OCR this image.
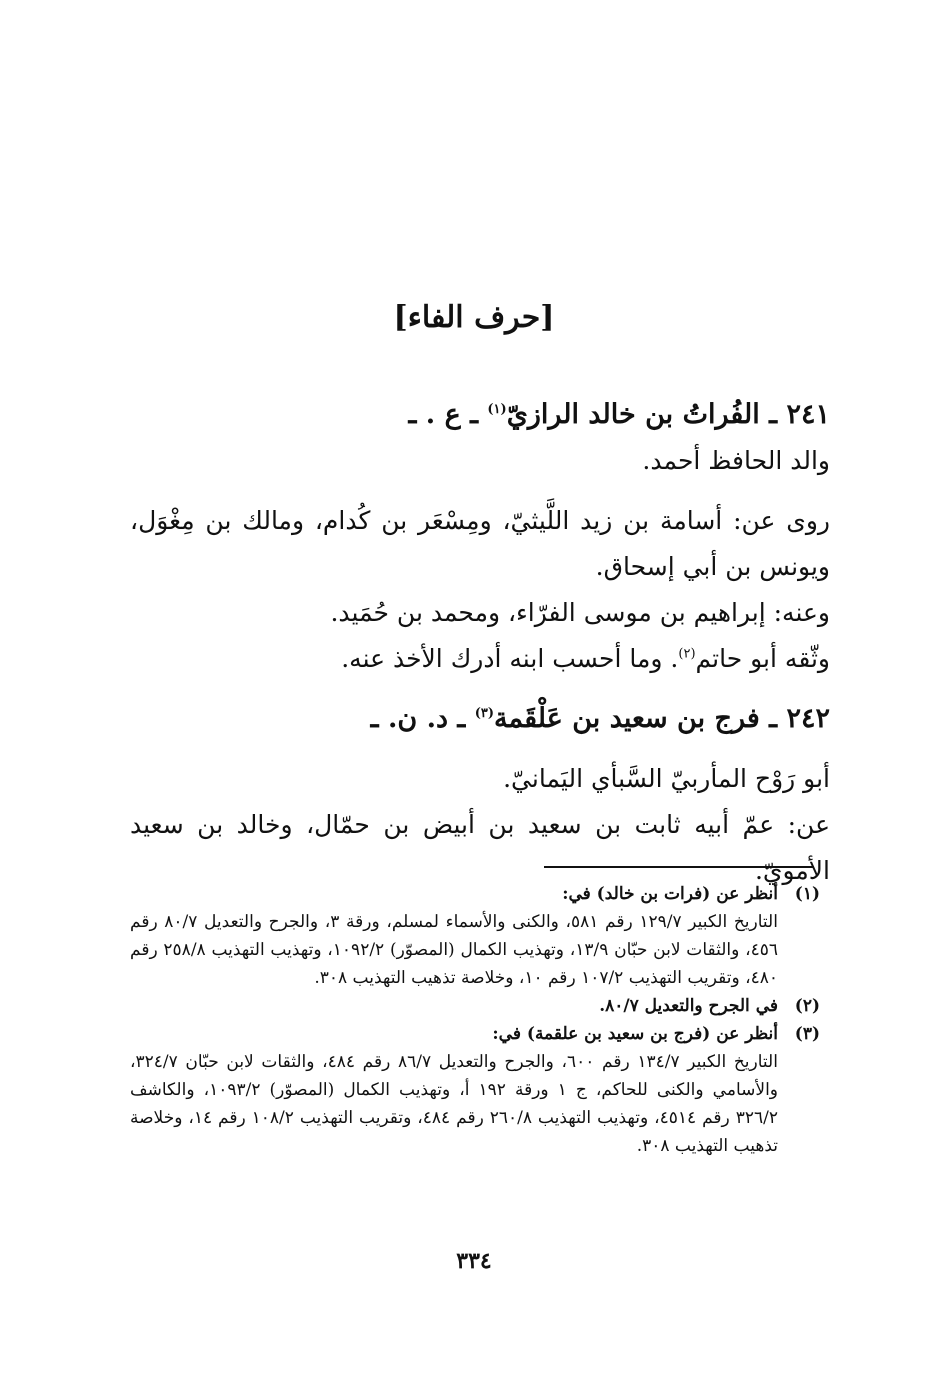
[حرف الفاء]

٢٤١ ـ الفُراتُ بن خالد الرازيّ$^{(١)}$ ـ ع . ـ

والد الحافظ أحمد.

روى عن: أسامة بن زيد اللَّيثيّ، ومِسْعَر بن كُدام، ومالك بن مِغْوَل، ويونس بن أبي إسحاق.

وعنه: إبراهيم بن موسى الفرّاء، ومحمد بن حُمَيد.

وثّقه أبو حاتم$^{(٢)}$. وما أحسب ابنه أدرك الأخذ عنه.

٢٤٢ ـ فرج بن سعيد بن عَلْقَمة$^{(٣)}$ ـ د. ن. ـ

أبو رَوْح المأربيّ السَّبأي اليَمانيّ.

عن: عمّ أبيه ثابت بن سعيد بن أبيض بن حمّال، وخالد بن سعيد الأمويّ.

(١)
أنظر عن (فرات بن خالد) في:
التاريخ الكبير ١٢٩/٧ رقم ٥٨١، والكنى والأسماء لمسلم، ورقة ٣، والجرح والتعديل ٨٠/٧ رقم ٤٥٦، والثقات لابن حبّان ١٣/٩، وتهذيب الكمال (المصوّر) ١٠٩٢/٢، وتهذيب التهذيب ٢٥٨/٨ رقم ٤٨٠، وتقريب التهذيب ١٠٧/٢ رقم ١٠، وخلاصة تذهيب التهذيب ٣٠٨.
(٢)
في الجرح والتعديل ٨٠/٧.
(٣)
أنظر عن (فرج بن سعيد بن علقمة) في:
التاريخ الكبير ١٣٤/٧ رقم ٦٠٠، والجرح والتعديل ٨٦/٧ رقم ٤٨٤، والثقات لابن حبّان ٣٢٤/٧، والأسامي والكنى للحاكم، ج ١ ورقة ١٩٢ أ، وتهذيب الكمال (المصوّر) ١٠٩٣/٢، والكاشف ٣٢٦/٢ رقم ٤٥١٤، وتهذيب التهذيب ٢٦٠/٨ رقم ٤٨٤، وتقريب التهذيب ١٠٨/٢ رقم ١٤، وخلاصة تذهيب التهذيب ٣٠٨.
٣٣٤
